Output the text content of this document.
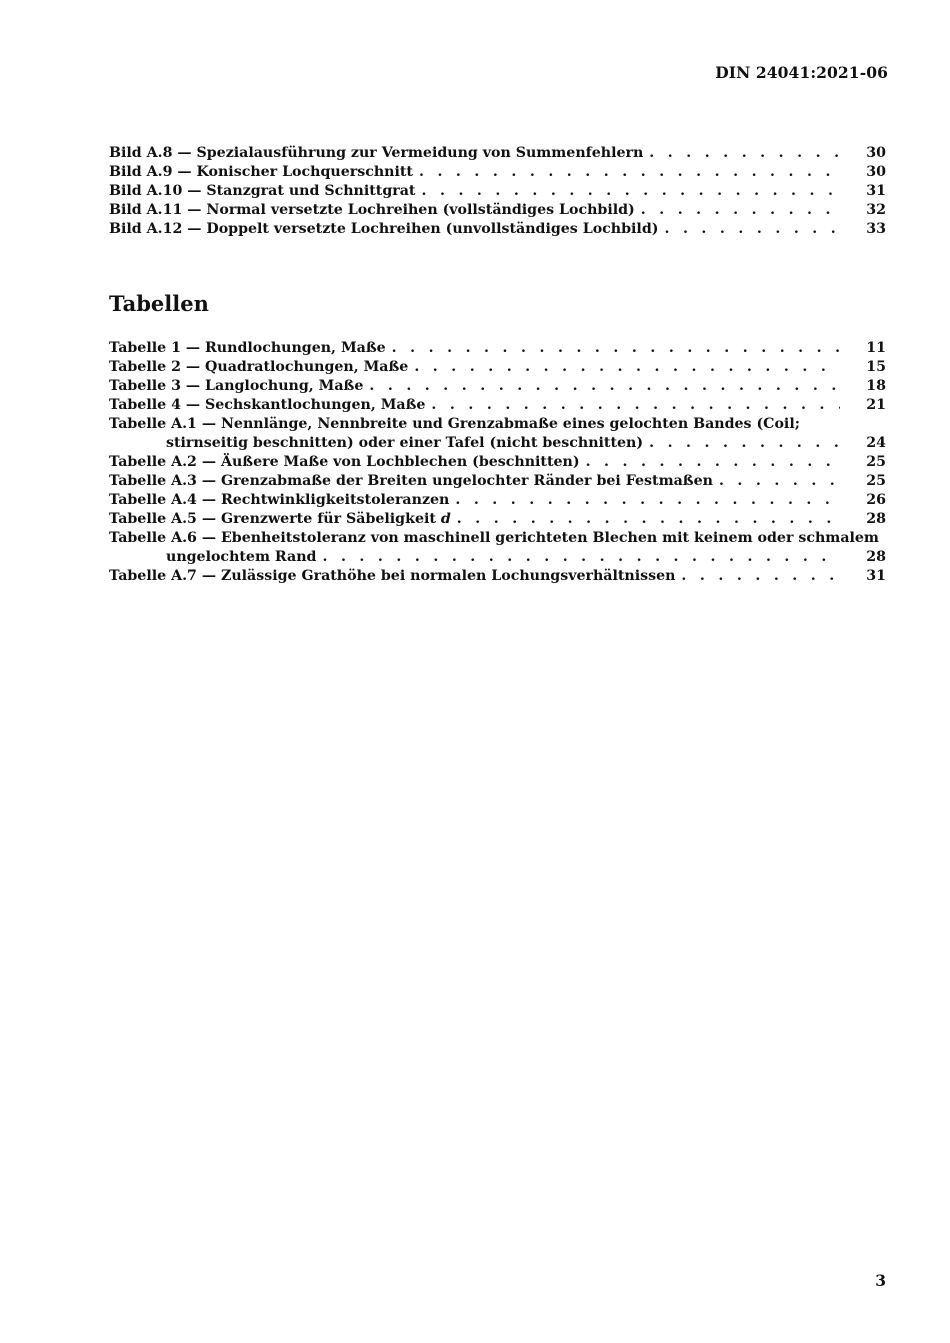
DIN 24041:2021-06
Bild A.8 — Spezialausführung zur Vermeidung von Summenfehlern . . .	30
Bild A.9 — Konischer Lochquerschnitt . . .	30
Bild A.10 — Stanzgrat und Schnittgrat . . .	31
Bild A.11 — Normal versetzte Lochreihen (vollständiges Lochbild) . . .	32
Bild A.12 — Doppelt versetzte Lochreihen (unvollständiges Lochbild) . . .	33
Tabellen
Tabelle 1 — Rundlochungen, Maße . . .	11
Tabelle 2 — Quadratlochungen, Maße . . .	15
Tabelle 3 — Langlochung, Maße . . .	18
Tabelle 4 — Sechskantlochungen, Maße . . .	21
Tabelle A.1 — Nennlänge, Nennbreite und Grenzabmaße eines gelochten Bandes (Coil;
stirnseitig beschnitten) oder einer Tafel (nicht beschnitten) . . .	24
Tabelle A.2 — Äußere Maße von Lochblechen (beschnitten) . . .	25
Tabelle A.3 — Grenzabmaße der Breiten ungelochter Ränder bei Festmaßen . . .	25
Tabelle A.4 — Rechtwinkligkeitstoleranzen . . .	26
Tabelle A.5 — Grenzwerte für Säbeligkeit d . . .	28
Tabelle A.6 — Ebenheitstoleranz von maschinell gerichteten Blechen mit keinem oder schmalem
ungelochtem Rand . . .	28
Tabelle A.7 — Zulässige Grathöhe bei normalen Lochungsverhältnissen . . .	31
3
